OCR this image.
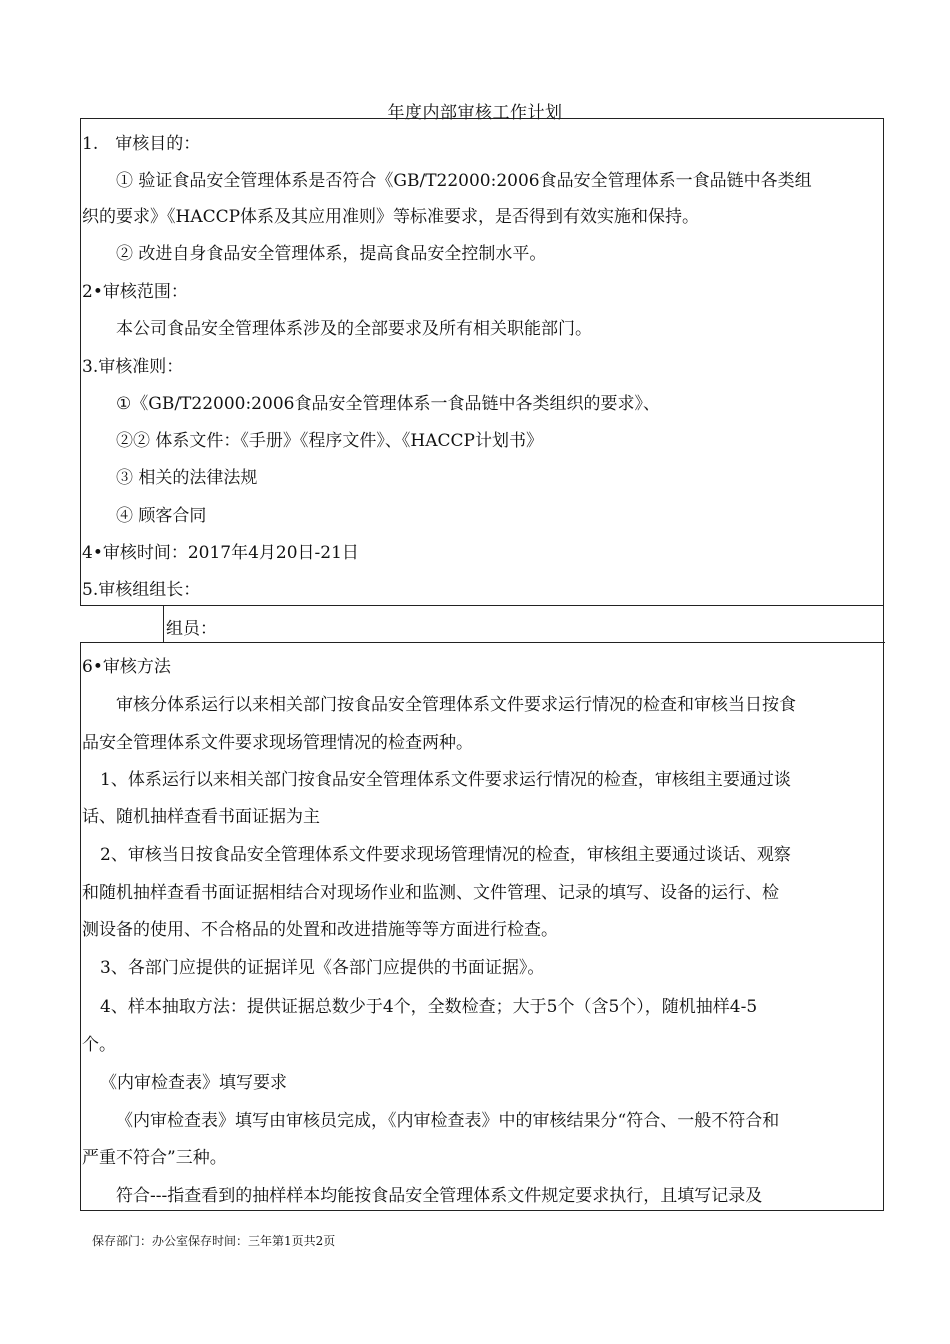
年度内部审核工作计划
1.　审核目的：
① 验证食品安全管理体系是否符合《GB/T22000:2006食品安全管理体系一食品链中各类组
织的要求》《HACCP体系及其应用准则》等标准要求，是否得到有效实施和保持。
② 改进自身食品安全管理体系，提高食品安全控制水平。
2•审核范围：
本公司食品安全管理体系涉及的全部要求及所有相关职能部门。
3.审核准则：
①《GB/T22000:2006食品安全管理体系一食品链中各类组织的要求》、
②② 体系文件：《手册》《程序文件》、《HACCP计划书》
③ 相关的法律法规
④ 顾客合同
4•审核时间：2017年4月20日-21日
5.审核组组长：
组员：
6•审核方法
审核分体系运行以来相关部门按食品安全管理体系文件要求运行情况的检查和审核当日按食
品安全管理体系文件要求现场管理情况的检查两种。
1、体系运行以来相关部门按食品安全管理体系文件要求运行情况的检查，审核组主要通过谈
话、随机抽样查看书面证据为主
2、审核当日按食品安全管理体系文件要求现场管理情况的检查，审核组主要通过谈话、观察
和随机抽样查看书面证据相结合对现场作业和监测、文件管理、记录的填写、设备的运行、检
测设备的使用、不合格品的处置和改进措施等等方面进行检查。
3、各部门应提供的证据详见《各部门应提供的书面证据》。
4、样本抽取方法：提供证据总数少于4个，全数检查；大于5个（含5个），随机抽样4-5
个。
《内审检查表》填写要求
《内审检查表》填写由审核员完成，《内审检查表》中的审核结果分“符合、一般不符合和
严重不符合”三种。
符合---指查看到的抽样样本均能按食品安全管理体系文件规定要求执行，且填写记录及
保存部门：办公室保存时间：三年第1页共2页
